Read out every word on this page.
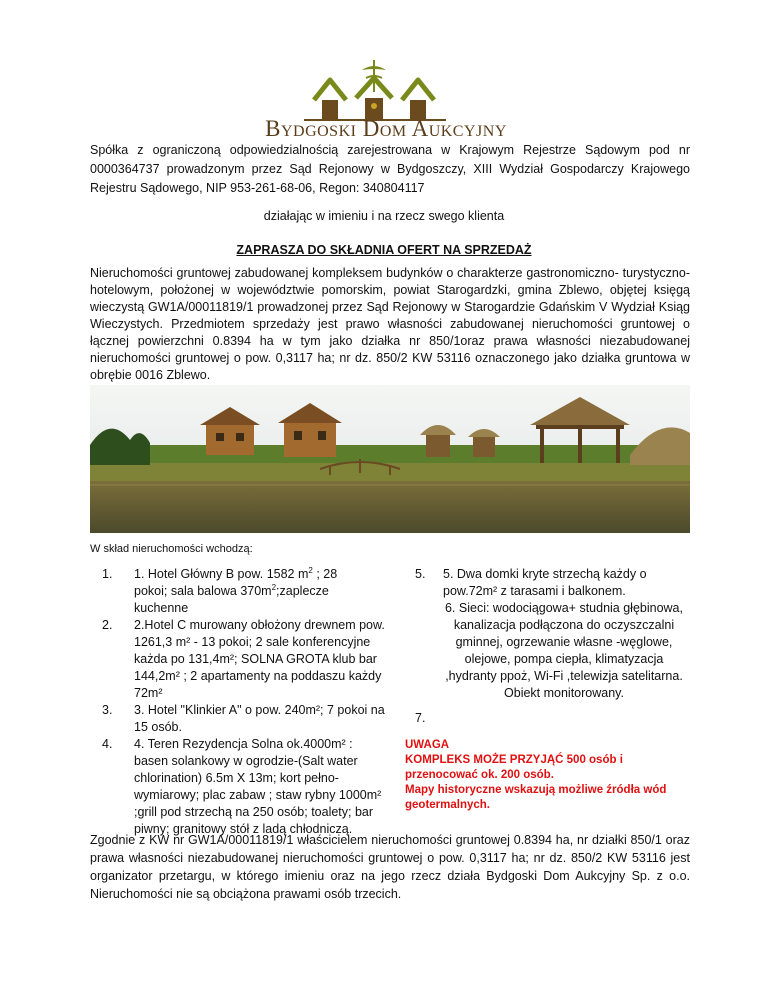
Bydgoski Dom Aukcyjny
Spółka z ograniczoną odpowiedzialnością zarejestrowana w Krajowym Rejestrze Sądowym pod nr 0000364737 prowadzonym przez Sąd Rejonowy w Bydgoszczy, XIII Wydział Gospodarczy Krajowego Rejestru Sądowego, NIP 953-261-68-06, Regon: 340804117
działając w imieniu i na rzecz swego klienta
ZAPRASZA DO SKŁADNIA OFERT NA SPRZEDAŻ
Nieruchomości gruntowej zabudowanej kompleksem budynków o charakterze gastronomiczno- turystyczno- hotelowym, położonej w województwie pomorskim, powiat Starogardzki, gmina Zblewo, objętej księgą wieczystą GW1A/00011819/1 prowadzonej przez Sąd Rejonowy w Starogardzie Gdańskim V Wydział Ksiąg Wieczystych. Przedmiotem sprzedaży jest prawo własności zabudowanej nieruchomości gruntowej o łącznej powierzchni 0.8394 ha w tym jako działka nr 850/1oraz prawa własności niezabudowanej nieruchomości gruntowej o pow. 0,3117 ha; nr dz. 850/2 KW 53116 oznaczonego jako działka gruntowa w obrębie 0016 Zblewo.
W skład nieruchomości wchodzą:
1. 1. Hotel Główny B pow. 1582 $m^2$ ; 28
pokoi; sala balowa $370m^2;zaplecze$
kuchenne
2. 2.Hotel C murowany obłożony drewnem pow. 1261,3 m² - 13 pokoi; 2 sale konferencyjne każda po 131,4m²; SOLNA GROTA klub bar 144,2m² ; 2 apartamenty na poddaszu każdy 72m²
3. 3. Hotel "Klinkier A" o pow. 240m²; 7 pokoi na 15 osób.
4. 4. Teren Rezydencja Solna ok.4000m² : basen solankowy w ogrodzie-(Salt water chlorination) 6.5m X 13m; kort pełno- wymiarowy; plac zabaw ; staw rybny 1000m² ;grill pod strzechą na 250 osób; toalety; bar piwny; granitowy stół z ladą chłodniczą.
5. 5. Dwa domki kryte strzechą każdy o pow.72m² z tarasami i balkonem.
6. Sieci: wodociągowa+ studnia głębinowa, kanalizacja podłączona do oczyszczalni gminnej, ogrzewanie własne -węglowe, olejowe, pompa ciepła, klimatyzacja ,hydranty ppoż, Wi-Fi ,telewizja satelitarna. Obiekt monitorowany.
7.
UWAGA
KOMPLEKS MOŻE PRZYJĄĆ 500 osób i przenocować ok. 200 osób.
Mapy historyczne wskazują możliwe źródła wód geotermalnych.
Zgodnie z KW nr GW1A/00011819/1 właścicielem nieruchomości gruntowej 0.8394 ha, nr działki 850/1 oraz prawa własności niezabudowanej nieruchomości gruntowej o pow. 0,3117 ha; nr dz. 850/2 KW 53116 jest organizator przetargu, w którego imieniu oraz na jego rzecz działa Bydgoski Dom Aukcyjny Sp. z o.o. Nieruchomości nie są obciążona prawami osób trzecich.
